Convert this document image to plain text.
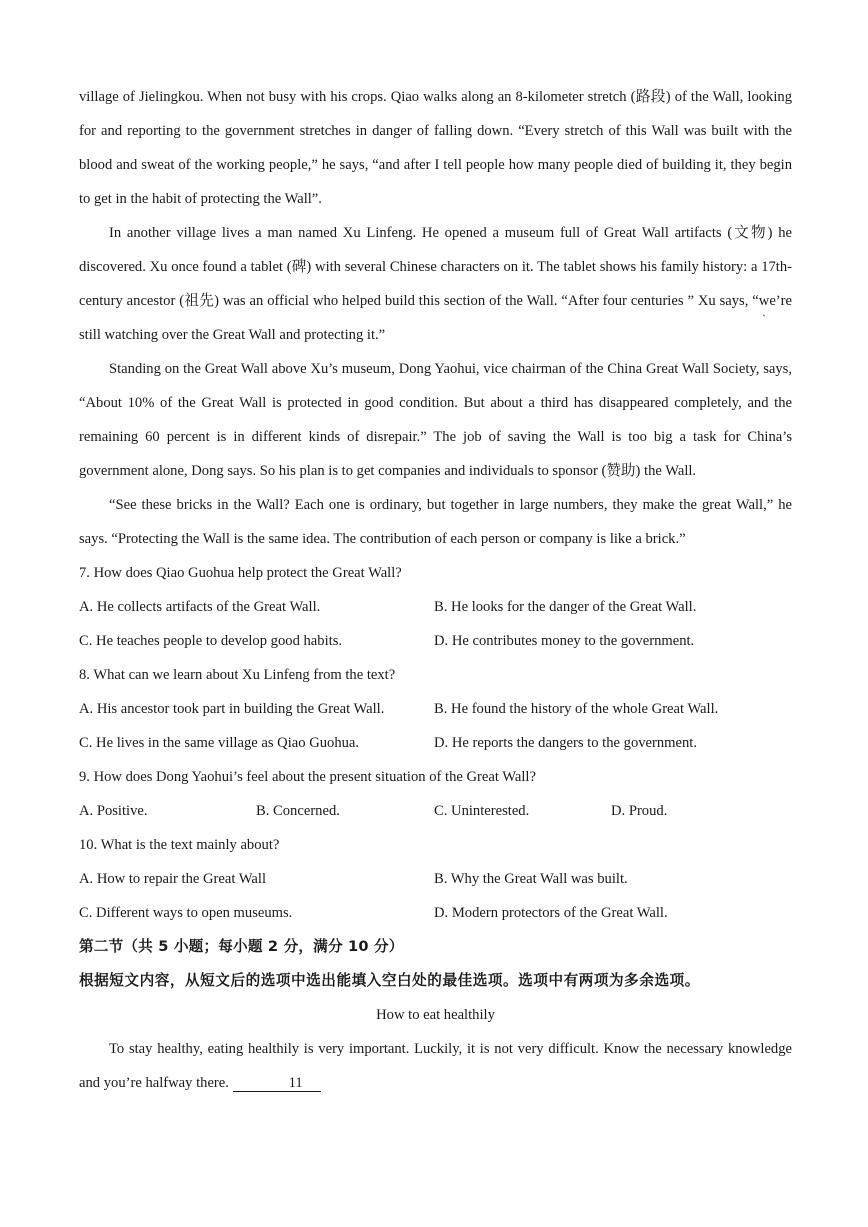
village of Jielingkou. When not busy with his crops. Qiao walks along an 8-kilometer stretch (路段) of the Wall, looking for and reporting to the government stretches in danger of falling down. “Every stretch of this Wall was built with the blood and sweat of the working people,” he says, “and after I tell people how many people died of building it, they begin to get in the habit of protecting the Wall”.

In another village lives a man named Xu Linfeng. He opened a museum full of Great Wall artifacts (文物) he discovered. Xu once found a tablet (碑) with several Chinese characters on it. The tablet shows his family history: a 17th-century ancestor (祖先) was an official who helped build this section of the Wall. “After four centuries ” Xu says, “we’re still watching over the Great Wall and protecting it.”

Standing on the Great Wall above Xu’s museum, Dong Yaohui, vice chairman of the China Great Wall Society, says, “About 10% of the Great Wall is protected in good condition. But about a third has disappeared completely, and the remaining 60 percent is in different kinds of disrepair.” The job of saving the Wall is too big a task for China’s government alone, Dong says. So his plan is to get companies and individuals to sponsor (赞助) the Wall.

“See these bricks in the Wall? Each one is ordinary, but together in large numbers, they make the great Wall,” he says. “Protecting the Wall is the same idea. The contribution of each person or company is like a brick.”

7. How does Qiao Guohua help protect the Great Wall?
A. He collects artifacts of the Great Wall.	B. He looks for the danger of the Great Wall.
C. He teaches people to develop good habits.	D. He contributes money to the government.
8. What can we learn about Xu Linfeng from the text?
A. His ancestor took part in building the Great Wall.	B. He found the history of the whole Great Wall.
C. He lives in the same village as Qiao Guohua.	D. He reports the dangers to the government.
9. How does Dong Yaohui’s feel about the present situation of the Great Wall?
A. Positive.	B. Concerned.	C. Uninterested.	D. Proud.
10. What is the text mainly about?
A. How to repair the Great Wall	B. Why the Great Wall was built.
C. Different ways to open museums.	D. Modern protectors of the Great Wall.
第二节（共 5 小题；每小题 2 分，满分 10 分）
根据短文内容，从短文后的选项中选出能填入空白处的最佳选项。选项中有两项为多余选项。
How to eat healthily

To stay healthy, eating healthily is very important. Luckily, it is not very difficult. Know the necessary knowledge and you’re halfway there.	11

`
